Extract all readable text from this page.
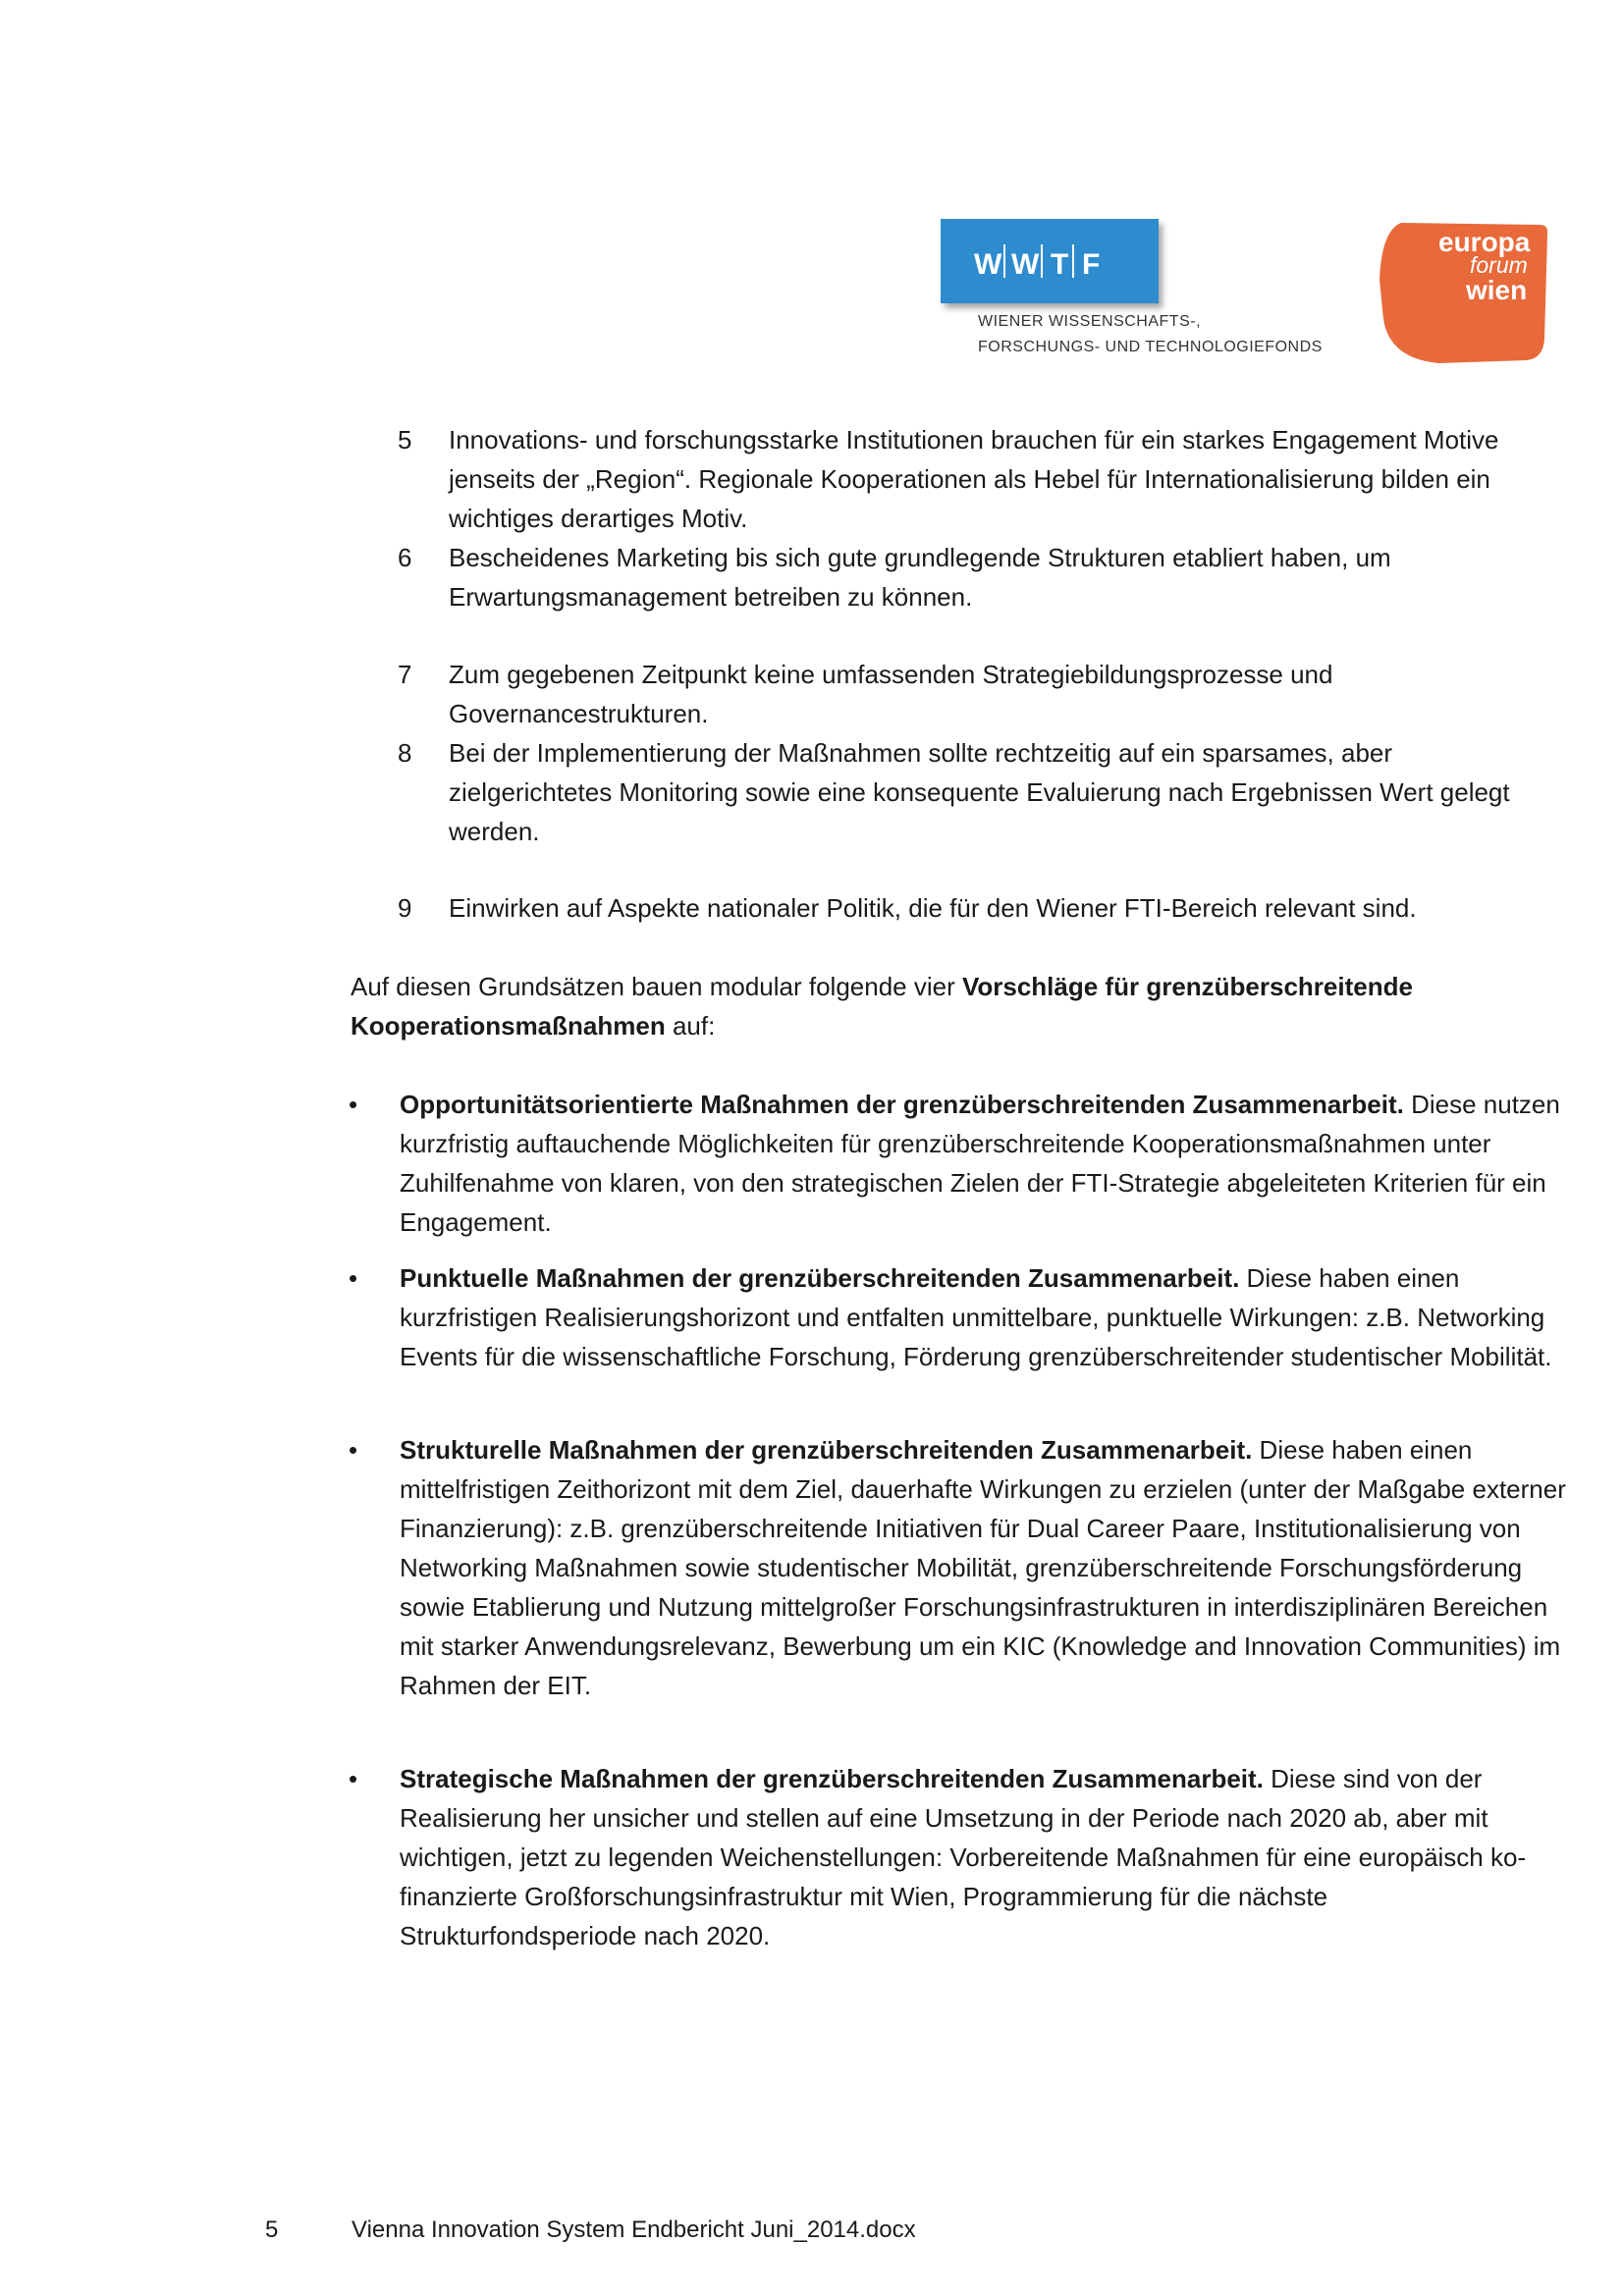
W W T F
WIENER WISSENSCHAFTS-,
FORSCHUNGS- UND TECHNOLOGIEFONDS
europa
forum
wien
5 Innovations- und forschungsstarke Institutionen brauchen für ein starkes Engagement Motive jenseits der „Region“. Regionale Kooperationen als Hebel für Internationalisierung bilden ein wichtiges derartiges Motiv.
6 Bescheidenes Marketing bis sich gute grundlegende Strukturen etabliert haben, um Erwartungsmanagement betreiben zu können.
7 Zum gegebenen Zeitpunkt keine umfassenden Strategiebildungsprozesse und Governancestrukturen.
8 Bei der Implementierung der Maßnahmen sollte rechtzeitig auf ein sparsames, aber zielgerichtetes Monitoring sowie eine konsequente Evaluierung nach Ergebnissen Wert gelegt werden.
9 Einwirken auf Aspekte nationaler Politik, die für den Wiener FTI-Bereich relevant sind.
Auf diesen Grundsätzen bauen modular folgende vier Vorschläge für grenzüberschreitende Kooperationsmaßnahmen auf:
• Opportunitätsorientierte Maßnahmen der grenzüberschreitenden Zusammenarbeit. Diese nutzen kurzfristig auftauchende Möglichkeiten für grenzüberschreitende Kooperationsmaßnahmen unter Zuhilfenahme von klaren, von den strategischen Zielen der FTI-Strategie abgeleiteten Kriterien für ein Engagement.
• Punktuelle Maßnahmen der grenzüberschreitenden Zusammenarbeit. Diese haben einen kurzfristigen Realisierungshorizont und entfalten unmittelbare, punktuelle Wirkungen: z.B. Networking Events für die wissenschaftliche Forschung, Förderung grenzüberschreitender studentischer Mobilität.
• Strukturelle Maßnahmen der grenzüberschreitenden Zusammenarbeit. Diese haben einen mittelfristigen Zeithorizont mit dem Ziel, dauerhafte Wirkungen zu erzielen (unter der Maßgabe externer Finanzierung): z.B. grenzüberschreitende Initiativen für Dual Career Paare, Institutionalisierung von Networking Maßnahmen sowie studentischer Mobilität, grenzüberschreitende Forschungsförderung sowie Etablierung und Nutzung mittelgroßer Forschungsinfrastrukturen in interdisziplinären Bereichen mit starker Anwendungsrelevanz, Bewerbung um ein KIC (Knowledge and Innovation Communities) im Rahmen der EIT.
• Strategische Maßnahmen der grenzüberschreitenden Zusammenarbeit. Diese sind von der Realisierung her unsicher und stellen auf eine Umsetzung in der Periode nach 2020 ab, aber mit wichtigen, jetzt zu legenden Weichenstellungen: Vorbereitende Maßnahmen für eine europäisch ko-finanzierte Großforschungsinfrastruktur mit Wien, Programmierung für die nächste Strukturfondsperiode nach 2020.
5	Vienna Innovation System Endbericht Juni_2014.docx
